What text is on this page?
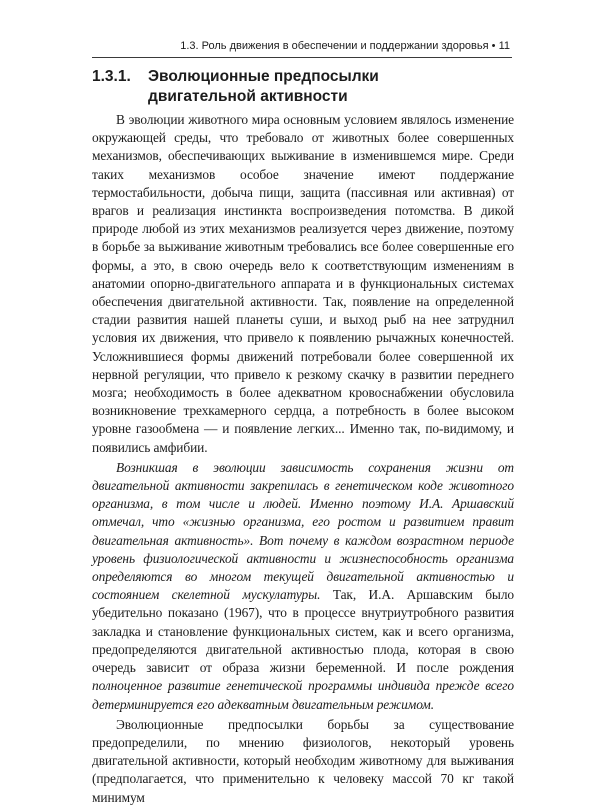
1.3. Роль движения в обеспечении и поддержании здоровья • 11
1.3.1. Эволюционные предпосылки
двигательной активности

В эволюции животного мира основным условием являлось изменение окружающей среды, что требовало от животных более совершенных механизмов, обеспечивающих выживание в изменившемся мире. Среди таких механизмов особое значение имеют поддержание термостабильности, добыча пищи, защита (пассивная или активная) от врагов и реализация инстинкта воспроизведения потомства. В дикой природе любой из этих механизмов реализуется через движение, поэтому в борьбе за выживание животным требовались все более совершенные его формы, а это, в свою очередь вело к соответствующим изменениям в анатомии опорно-двигательного аппарата и в функциональных системах обеспечения двигательной активности. Так, появление на определенной стадии развития нашей планеты суши, и выход рыб на нее затруднил условия их движения, что привело к появлению рычажных конечностей. Усложнившиеся формы движений потребовали более совершенной их нервной регуляции, что привело к резкому скачку в развитии переднего мозга; необходимость в более адекватном кровоснабжении обусловила возникновение трехкамерного сердца, а потребность в более высоком уровне газообмена — и появление легких... Именно так, по-видимому, и появились амфибии.

Возникшая в эволюции зависимость сохранения жизни от двигательной активности закрепилась в генетическом коде животного организма, в том числе и людей. Именно поэтому И.А. Аршавский отмечал, что «жизнью организма, его ростом и развитием правит двигательная активность». Вот почему в каждом возрастном периоде уровень физиологической активности и жизнеспособность организма определяются во многом текущей двигательной активностью и состоянием скелетной мускулатуры. Так, И.А. Аршавским было убедительно показано (1967), что в процессе внутриутробного развития закладка и становление функциональных систем, как и всего организма, предопределяются двигательной активностью плода, которая в свою очередь зависит от образа жизни беременной. И после рождения полноценное развитие генетической программы индивида прежде всего детерминируется его адекватным двигательным режимом.

Эволюционные предпосылки борьбы за существование предопределили, по мнению физиологов, некоторый уровень двигательной активности, который необходим животному для выживания (предполагается, что применительно к человеку массой 70 кг такой минимум
